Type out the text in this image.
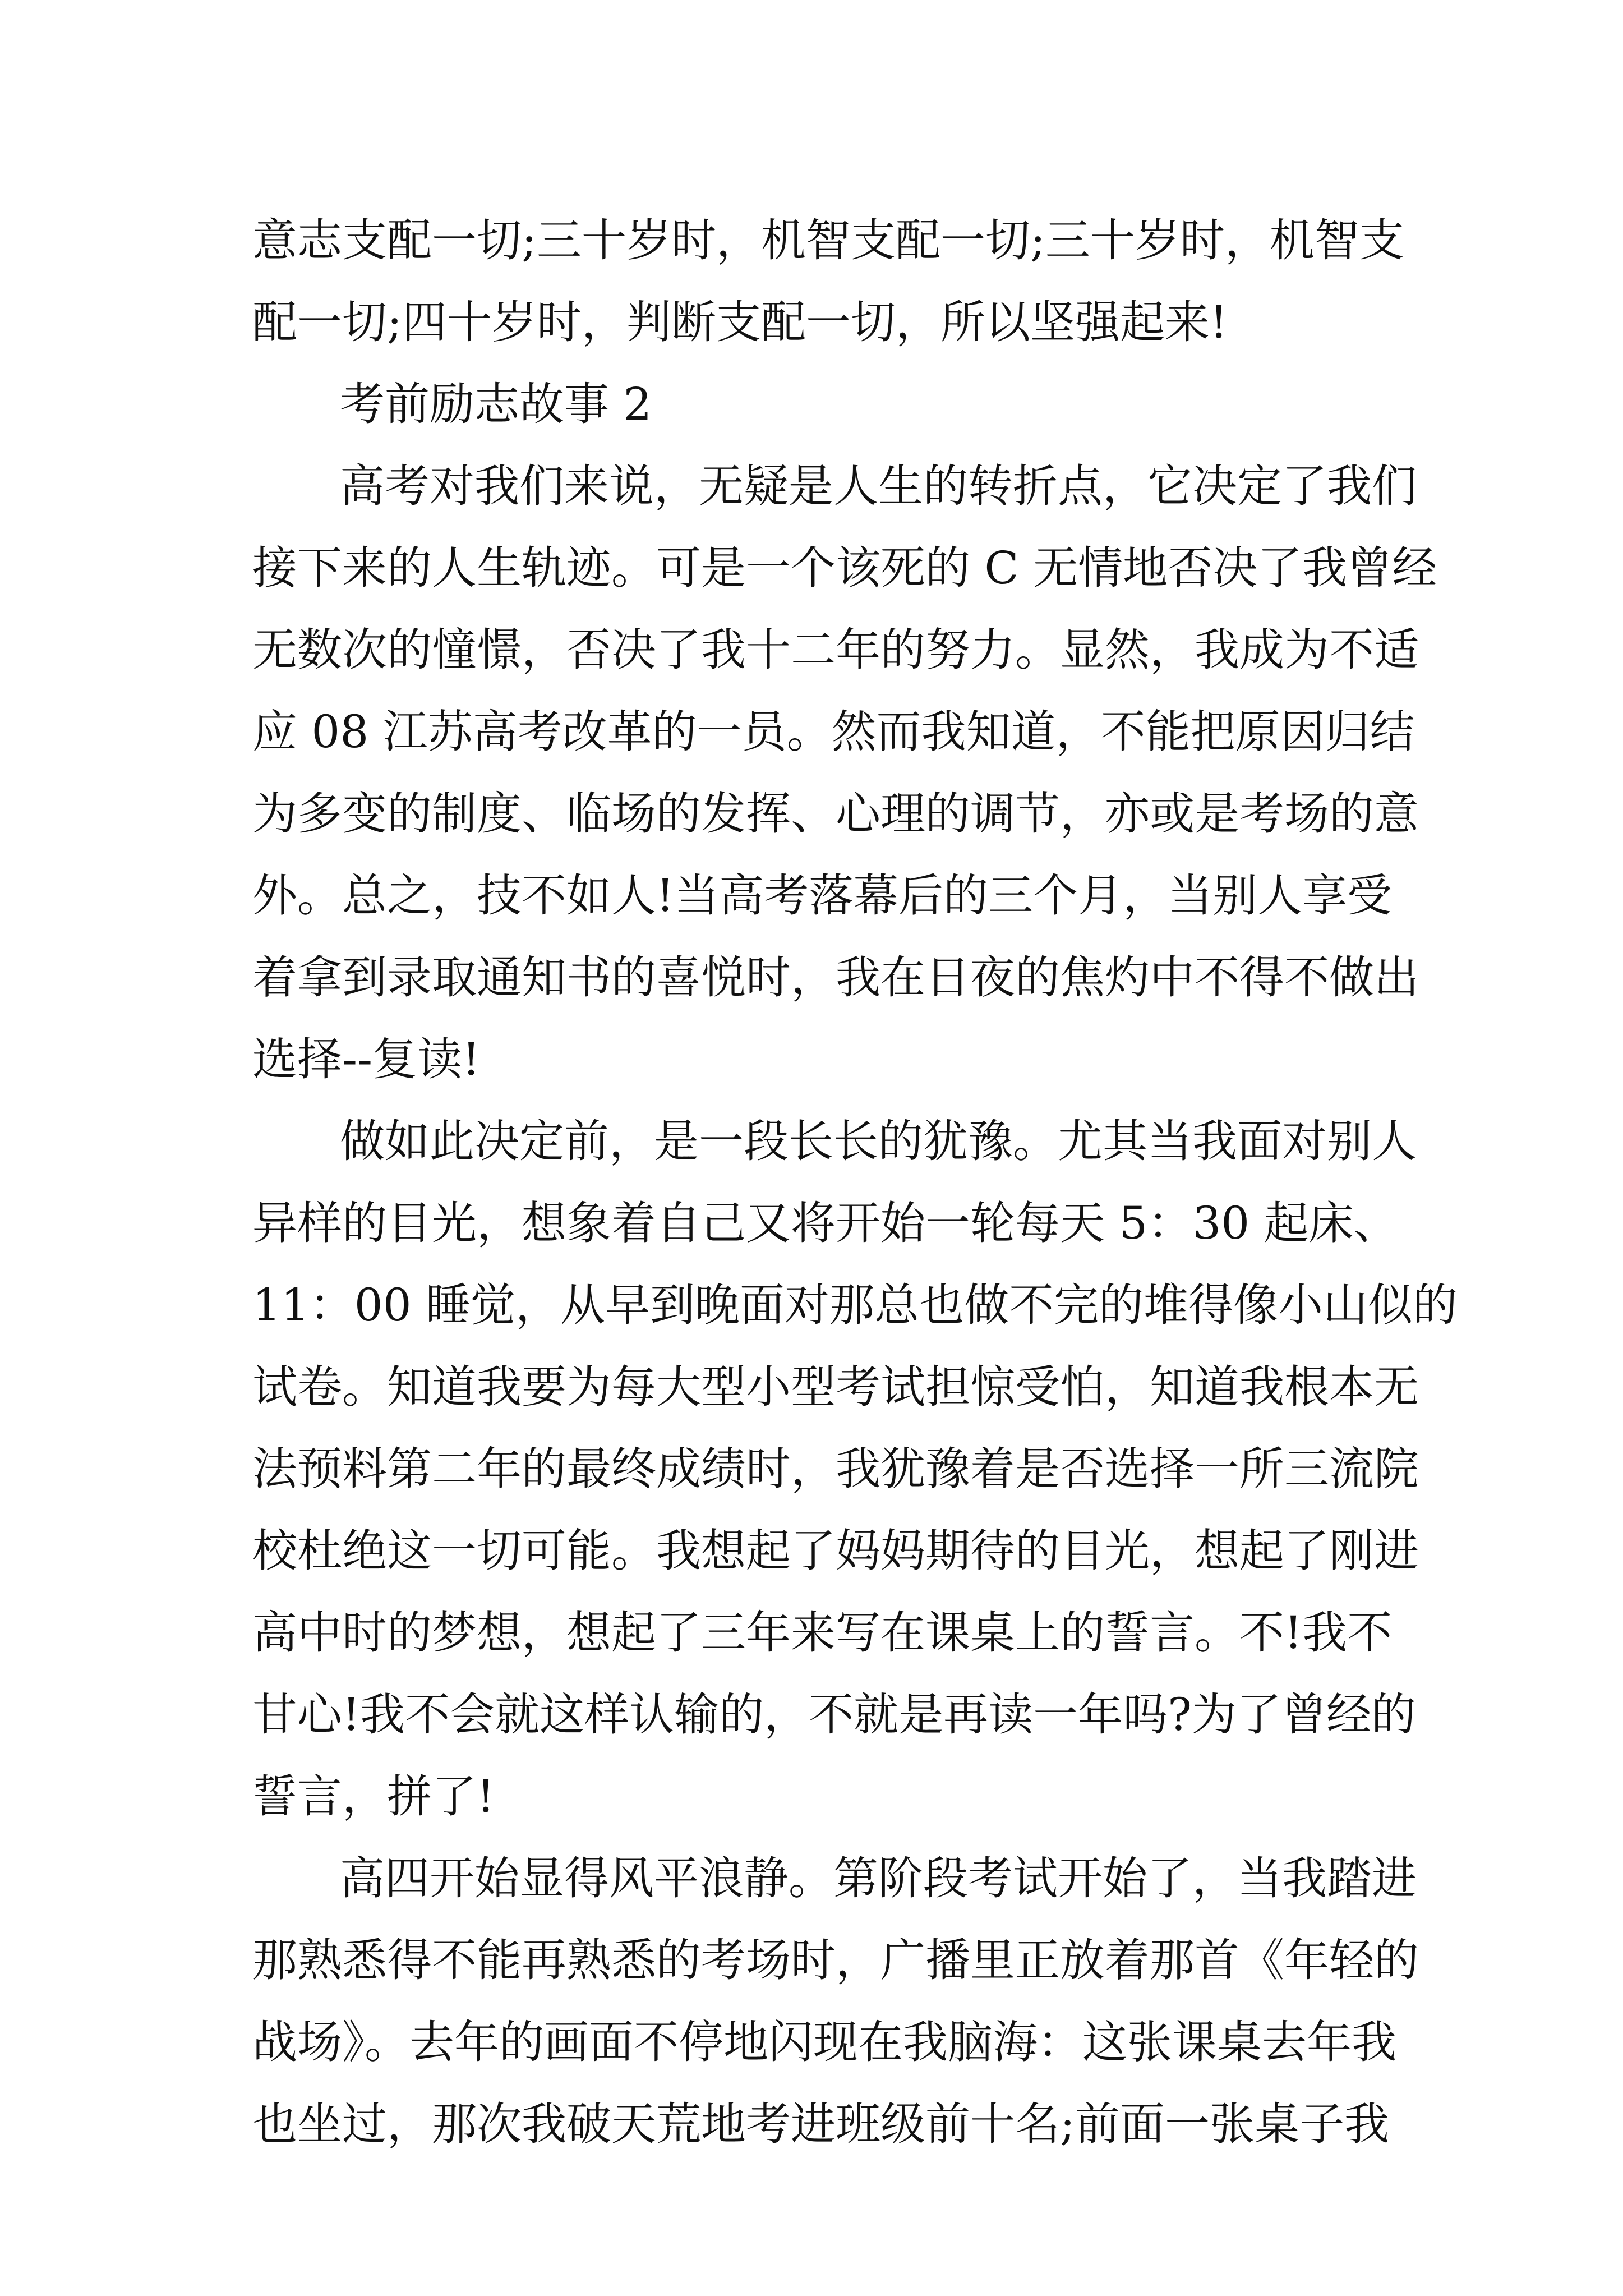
意志支配一切;三十岁时，机智支配一切;三十岁时，机智支
配一切;四十岁时，判断支配一切，所以坚强起来!
考前励志故事 2
高考对我们来说，无疑是人生的转折点，它决定了我们
接下来的人生轨迹。可是一个该死的 C 无情地否决了我曾经
无数次的憧憬，否决了我十二年的努力。显然，我成为不适
应 08 江苏高考改革的一员。然而我知道，不能把原因归结
为多变的制度、临场的发挥、心理的调节，亦或是考场的意
外。总之，技不如人!当高考落幕后的三个月，当别人享受
着拿到录取通知书的喜悦时，我在日夜的焦灼中不得不做出
选择--复读!
做如此决定前，是一段长长的犹豫。尤其当我面对别人
异样的目光，想象着自己又将开始一轮每天 5：30 起床、
11：00 睡觉，从早到晚面对那总也做不完的堆得像小山似的
试卷。知道我要为每大型小型考试担惊受怕，知道我根本无
法预料第二年的最终成绩时，我犹豫着是否选择一所三流院
校杜绝这一切可能。我想起了妈妈期待的目光，想起了刚进
高中时的梦想，想起了三年来写在课桌上的誓言。不!我不
甘心!我不会就这样认输的，不就是再读一年吗?为了曾经的
誓言，拼了!
高四开始显得风平浪静。第阶段考试开始了，当我踏进
那熟悉得不能再熟悉的考场时，广播里正放着那首《年轻的
战场》。去年的画面不停地闪现在我脑海：这张课桌去年我
也坐过，那次我破天荒地考进班级前十名;前面一张桌子我
